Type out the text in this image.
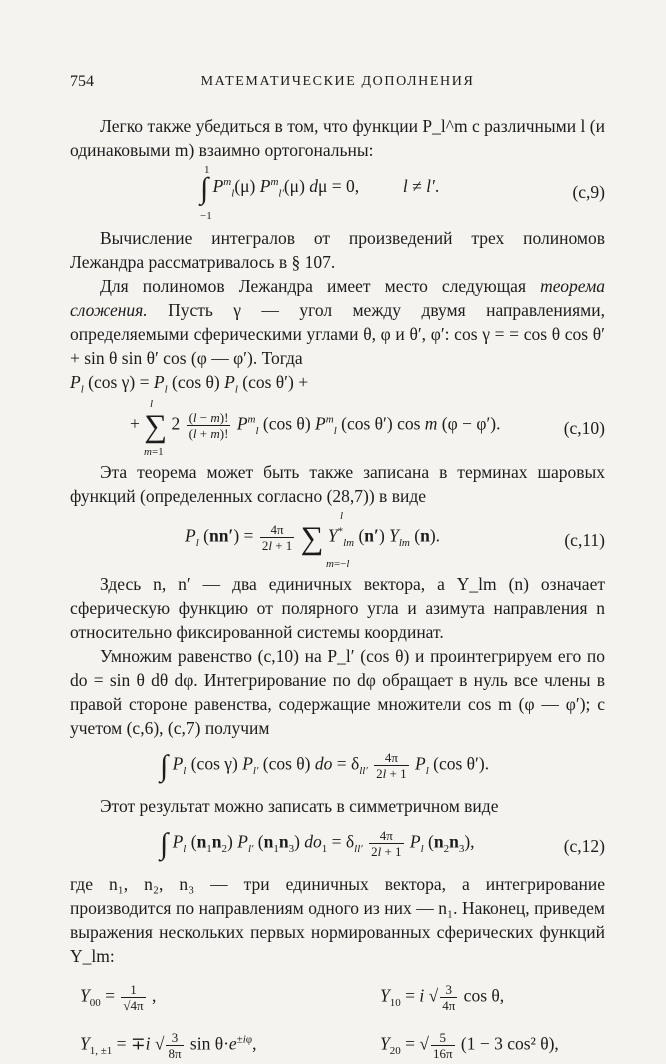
754	МАТЕМАТИЧЕСКИЕ ДОПОЛНЕНИЯ

Легко также убедиться в том, что функции P_l^m с различными l (и одинаковыми m) взаимно ортогональны:

∫ $P^m_l(\mu)$ $P^m_{l'}(\mu) d\mu = 0$,          l ≠ l′.
1
−1
(c,9)

Вычисление интегралов от произведений трех полиномов Лежандра рассматривалось в § 107.

Для полиномов Лежандра имеет место следующая теорема сложения. Пусть γ — угол между двумя направлениями, определяемыми сферическими углами θ, φ и θ′, φ′: cos γ = = cos θ cos θ′ + sin θ sin θ′ cos (φ — φ′). Тогда

$P_l$ (cos $\gamma) = P_l$ (cos θ) $P_l$ (cos θ′) +
+ ∑ $2 \frac{(l - m)!}{(l + m)!} P^m_l$ (cos θ) $P^m_l$ (cos θ′) cos m (φ − φ′).
l
m=1
(c,10)

Эта теорема может быть также записана в терминах шаровых функций (определенных согласно (28,7)) в виде

$P_l$ $(nn') = \frac{4\pi}{2l + 1}$ ∑ $Y^*_{lm}$ (n′) $Y_{lm}$ (n).
l
m=−l
(c,11)

Здесь n, n′ — два единичных вектора, а Y_lm (n) означает сферическую функцию от полярного угла и азимута направления n относительно фиксированной системы координат.

Умножим равенство (c,10) на P_l′ (cos θ) и проинтегрируем его по do = sin θ dθ dφ. Интегрирование по dφ обращает в нуль все члены в правой стороне равенства, содержащие множители cos m (φ — φ′); с учетом (c,6), (c,7) получим

∫ $P_l$ (cos γ) $P_{l'}$ (cos θ) do = $\delta_{ll'} \frac{4\pi}{2l + 1} P_l$ (cos θ′).

Этот результат можно записать в симметричном виде

∫ $P_l$ $(n_1n_2)$ $P_{l'}$ $(n_1n_3) do_1 = \delta_{ll'} \frac{4\pi}{2l + 1} P_l$ $(n_2n_3)$,	(c,12)

где n₁, n₂, n₃ — три единичных вектора, а интегрирование производится по направлениям одного из них — n₁. Наконец, приведем выражения нескольких первых нормированных сферических функций Y_lm:

$Y_{00} = \frac{1}{√4\pi}$ ,	$Y_{10} = i$ √ $\frac{3}{4\pi}$ cos θ,
$Y_{1, \pm 1} = \mp i$ √ $\frac{3}{8\pi}$ $\sin \theta\cdot e^{\pm i\varphi}$,	$Y_{20}$ = √ $\frac{5}{16\pi} (1 - 3$ cos² θ),
